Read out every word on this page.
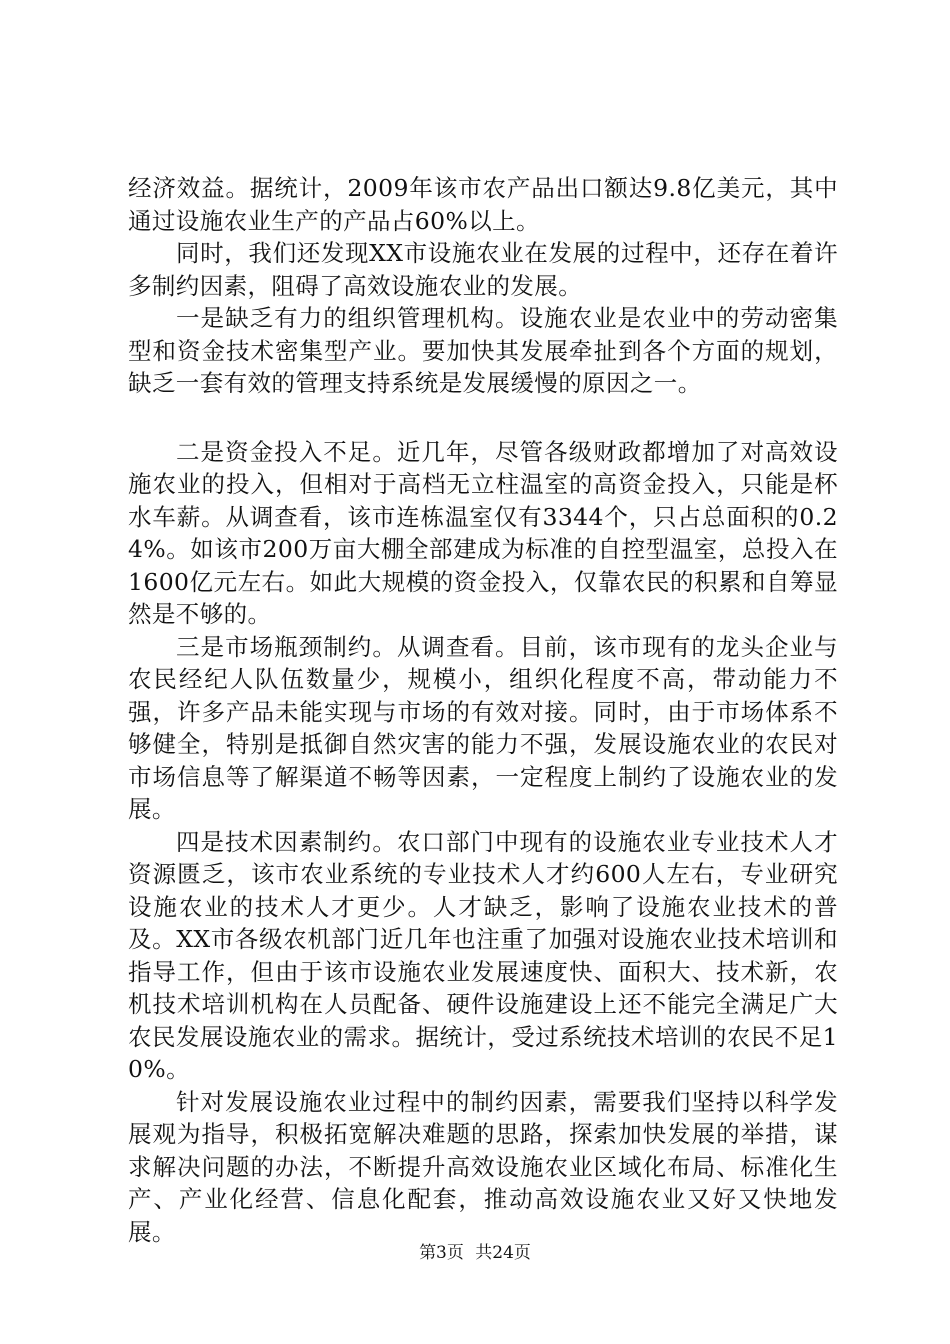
经济效益。据统计，2009年该市农产品出口额达9.8亿美元，其中通过设施农业生产的产品占60%以上。

同时，我们还发现XX市设施农业在发展的过程中，还存在着许多制约因素，阻碍了高效设施农业的发展。

一是缺乏有力的组织管理机构。设施农业是农业中的劳动密集型和资金技术密集型产业。要加快其发展牵扯到各个方面的规划，缺乏一套有效的管理支持系统是发展缓慢的原因之一。

二是资金投入不足。近几年，尽管各级财政都增加了对高效设施农业的投入，但相对于高档无立柱温室的高资金投入，只能是杯水车薪。从调查看，该市连栋温室仅有3344个，只占总面积的0.24%。如该市200万亩大棚全部建成为标准的自控型温室，总投入在1600亿元左右。如此大规模的资金投入，仅靠农民的积累和自筹显然是不够的。

三是市场瓶颈制约。从调查看。目前，该市现有的龙头企业与农民经纪人队伍数量少，规模小，组织化程度不高，带动能力不强，许多产品未能实现与市场的有效对接。同时，由于市场体系不够健全，特别是抵御自然灾害的能力不强，发展设施农业的农民对市场信息等了解渠道不畅等因素，一定程度上制约了设施农业的发展。

四是技术因素制约。农口部门中现有的设施农业专业技术人才资源匮乏，该市农业系统的专业技术人才约600人左右，专业研究设施农业的技术人才更少。人才缺乏，影响了设施农业技术的普及。XX市各级农机部门近几年也注重了加强对设施农业技术培训和指导工作，但由于该市设施农业发展速度快、面积大、技术新，农机技术培训机构在人员配备、硬件设施建设上还不能完全满足广大农民发展设施农业的需求。据统计，受过系统技术培训的农民不足10%。

针对发展设施农业过程中的制约因素，需要我们坚持以科学发展观为指导，积极拓宽解决难题的思路，探索加快发展的举措，谋求解决问题的办法，不断提升高效设施农业区域化布局、标准化生产、产业化经营、信息化配套，推动高效设施农业又好又快地发展。

第3页 共24页
